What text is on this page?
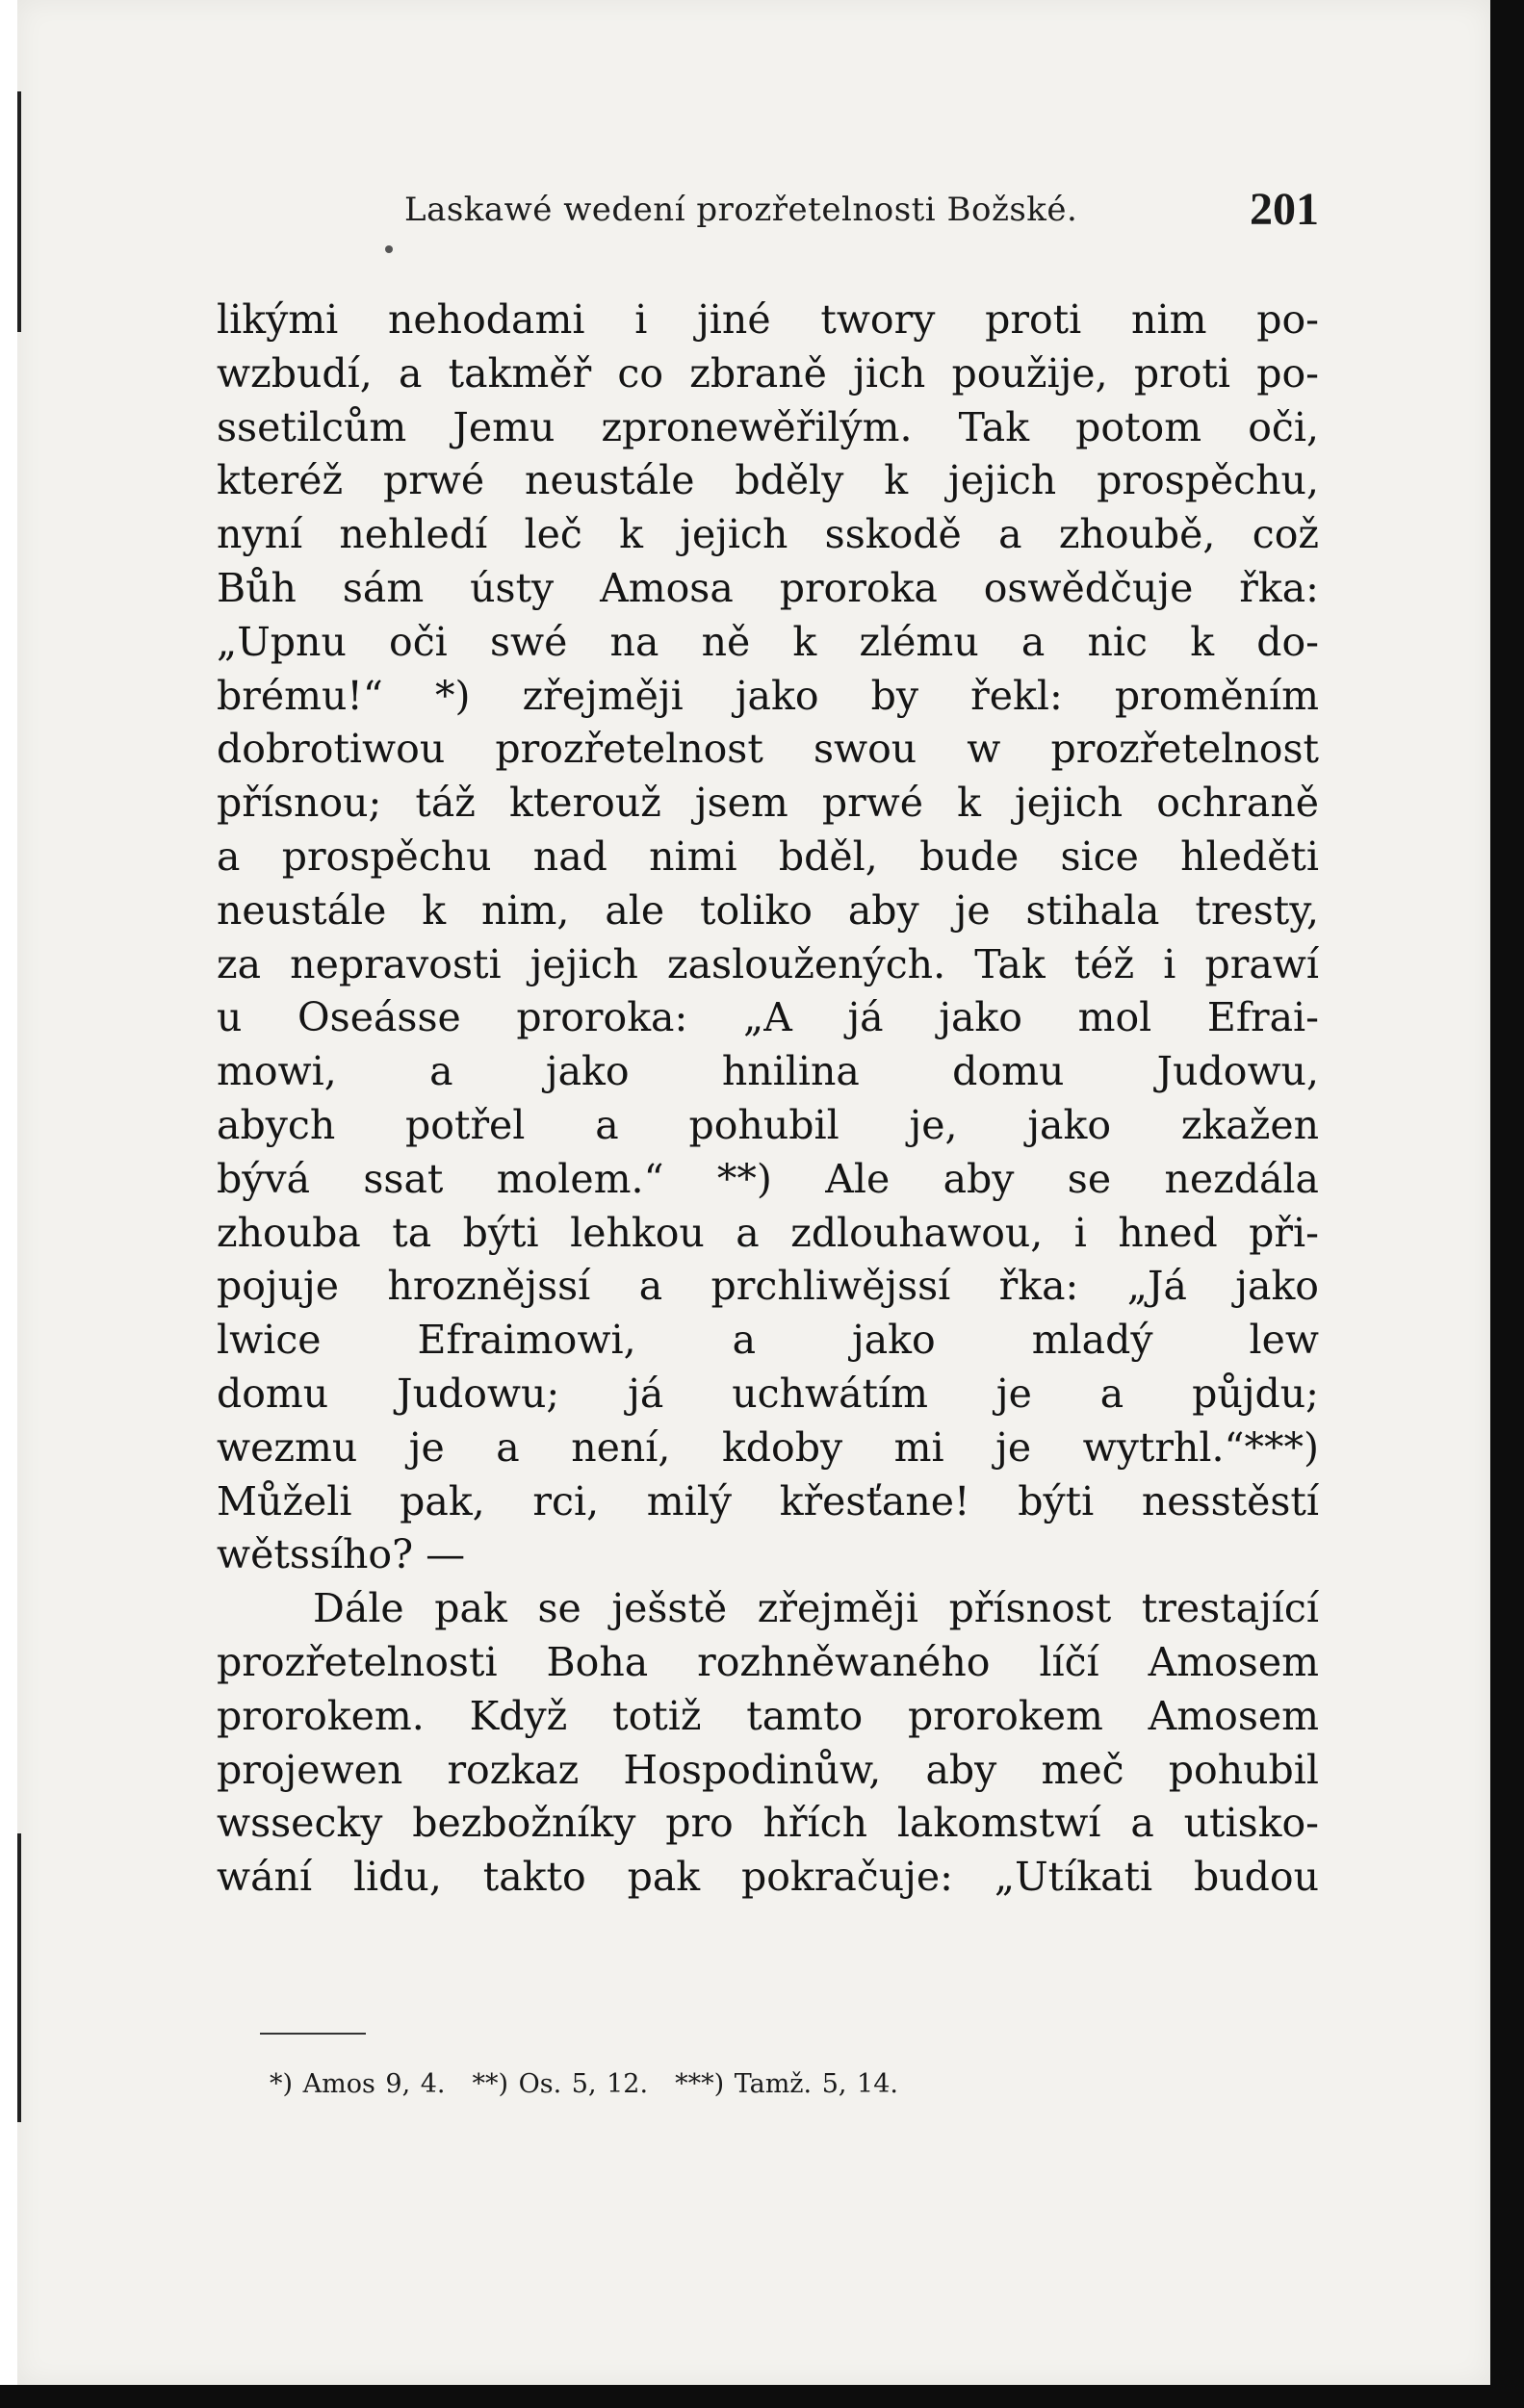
Laskawé wedení prozřetelnosti Božské.	201
likými nehodami i jiné twory proti nim po-
wzbudí, a takměř co zbraně jich použije, proti po-
ssetilcům Jemu zpronewěřilým. Tak potom oči,
kteréž prwé neustále bděly k jejich prospěchu,
nyní nehledí leč k jejich sskodě a zhoubě, což
Bůh sám ústy Amosa proroka oswědčuje řka:
„Upnu oči swé na ně k zlému a nic k do-
brému!“ *) zřejměji jako by řekl: proměním
dobrotiwou prozřetelnost swou w prozřetelnost
přísnou; táž kterouž jsem prwé k jejich ochraně
a prospěchu nad nimi bděl, bude sice hleděti
neustále k nim, ale toliko aby je stihala tresty,
za nepravosti jejich zasloužených. Tak též i prawí
u Oseásse proroka: „A já jako mol Efrai-
mowi, a jako hnilina domu Judowu,
abych potřel a pohubil je, jako zkažen
bývá ssat molem.“ **) Ale aby se nezdála
zhouba ta býti lehkou a zdlouhawou, i hned při-
pojuje hroznějssí a prchliwějssí řka: „Já jako
lwice Efraimowi, a jako mladý lew
domu Judowu; já uchwátím je a půjdu;
wezmu je a není, kdoby mi je wytrhl.“***)
Můželi pak, rci, milý křesťane! býti nesstěstí
wětssího? —
Dále pak se ješstě zřejměji přísnost trestající
prozřetelnosti Boha rozhněwaného líčí Amosem
prorokem. Když totiž tamto prorokem Amosem
projewen rozkaz Hospodinůw, aby meč pohubil
wssecky bezbožníky pro hřích lakomstwí a utisko-
wání lidu, takto pak pokračuje: „Utíkati budou
*) Amos 9, 4. **) Os. 5, 12. ***) Tamž. 5, 14.
